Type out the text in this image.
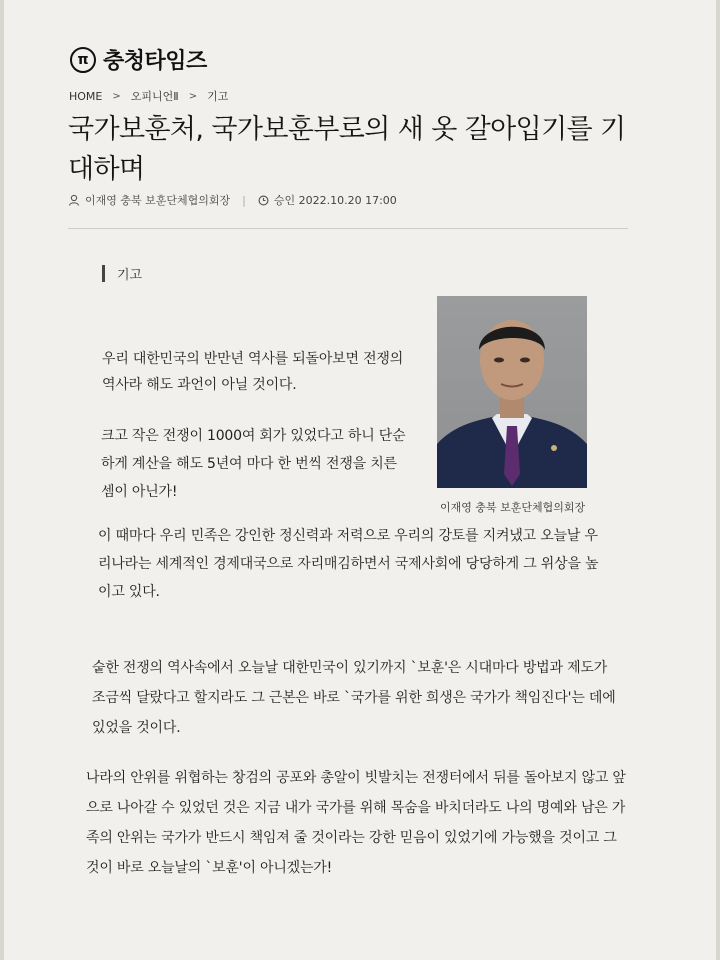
π 충청타임즈
HOME > 오피니언Ⅱ > 기고
국가보훈처, 국가보훈부로의 새 옷 갈아입기를 기대하며
이재영 충북 보훈단체협의회장 |	승인 2022.10.20 17:00
기고
이재영 충북 보훈단체협의회장

우리 대한민국의 반만년 역사를 되돌아보면 전쟁의 역사라 해도 과언이 아닐 것이다.

크고 작은 전쟁이 1000여 회가 있었다고 하니 단순하게 계산을 해도 5년여 마다 한 번씩 전쟁을 치른 셈이 아닌가!

이 때마다 우리 민족은 강인한 정신력과 저력으로 우리의 강토를 지켜냈고 오늘날 우리나라는 세계적인 경제대국으로 자리매김하면서 국제사회에 당당하게 그 위상을 높이고 있다.

숱한 전쟁의 역사속에서 오늘날 대한민국이 있기까지 `보훈'은 시대마다 방법과 제도가 조금씩 달랐다고 할지라도 그 근본은 바로 `국가를 위한 희생은 국가가 책임진다'는 데에 있었을 것이다.

나라의 안위를 위협하는 창검의 공포와 총알이 빗발치는 전쟁터에서 뒤를 돌아보지 않고 앞으로 나아갈 수 있었던 것은 지금 내가 국가를 위해 목숨을 바치더라도 나의 명예와 남은 가족의 안위는 국가가 반드시 책임져 줄 것이라는 강한 믿음이 있었기에 가능했을 것이고 그것이 바로 오늘날의 `보훈'이 아니겠는가!
